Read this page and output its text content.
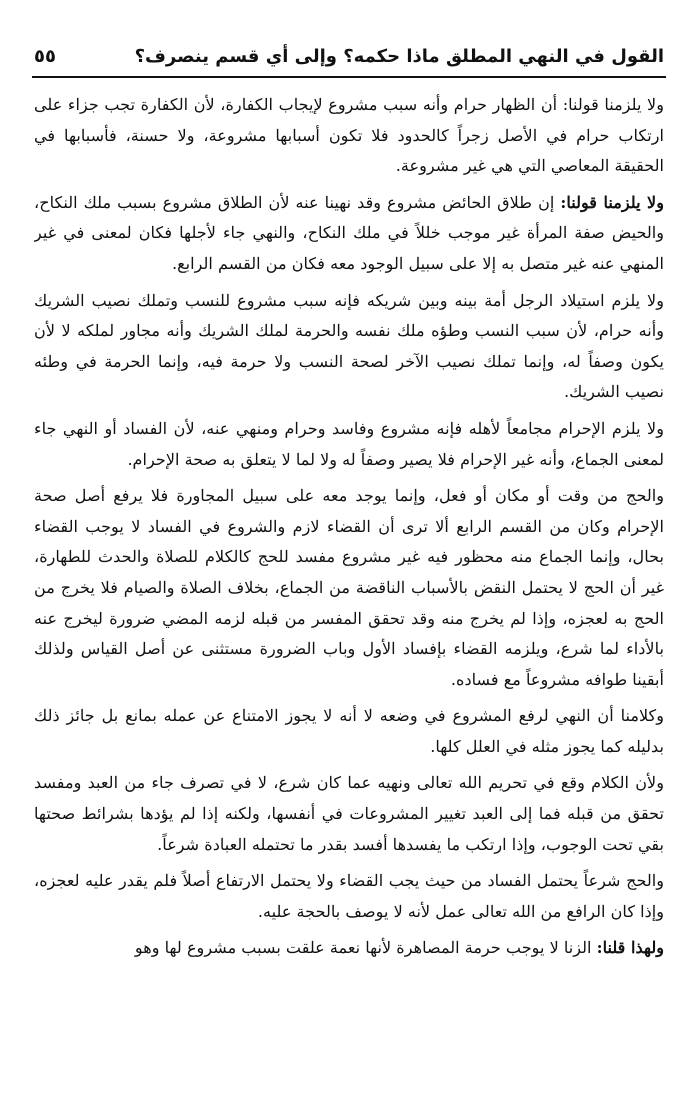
القول في النهي المطلق ماذا حكمه؟ وإلى أي قسم ينصرف؟
٥٥

ولا يلزمنا قولنا: أن الظهار حرام وأنه سبب مشروع لإيجاب الكفارة، لأن الكفارة تجب جزاء على ارتكاب حرام في الأصل زجراً كالحدود فلا تكون أسبابها مشروعة، ولا حسنة، فأسبابها في الحقيقة المعاصي التي هي غير مشروعة.

ولا يلزمنا قولنا: إن طلاق الحائض مشروع وقد نهينا عنه لأن الطلاق مشروع بسبب ملك النكاح، والحيض صفة المرأة غير موجب خللاً في ملك النكاح، والنهي جاء لأجلها فكان لمعنى في غير المنهي عنه غير متصل به إلا على سبيل الوجود معه فكان من القسم الرابع.

ولا يلزم استيلاد الرجل أمة بينه وبين شريكه فإنه سبب مشروع للنسب وتملك نصيب الشريك وأنه حرام، لأن سبب النسب وطؤه ملك نفسه والحرمة لملك الشريك وأنه مجاور لملكه لا لأن يكون وصفاً له، وإنما تملك نصيب الآخر لصحة النسب ولا حرمة فيه، وإنما الحرمة في وطئه نصيب الشريك.

ولا يلزم الإحرام مجامعاً لأهله فإنه مشروع وفاسد وحرام ومنهي عنه، لأن الفساد أو النهي جاء لمعنى الجماع، وأنه غير الإحرام فلا يصير وصفاً له ولا لما لا يتعلق به صحة الإحرام.

والحج من وقت أو مكان أو فعل، وإنما يوجد معه على سبيل المجاورة فلا يرفع أصل صحة الإحرام وكان من القسم الرابع ألا ترى أن القضاء لازم والشروع في الفساد لا يوجب القضاء بحال، وإنما الجماع منه محظور فيه غير مشروع مفسد للحج كالكلام للصلاة والحدث للطهارة، غير أن الحج لا يحتمل النقض بالأسباب الناقضة من الجماع، بخلاف الصلاة والصيام فلا يخرج من الحج به لعجزه، وإذا لم يخرج منه وقد تحقق المفسر من قبله لزمه المضي ضرورة ليخرج عنه بالأداء لما شرع، ويلزمه القضاء بإفساد الأول وباب الضرورة مستثنى عن أصل القياس ولذلك أبقينا طوافه مشروعاً مع فساده.

وكلامنا أن النهي لرفع المشروع في وضعه لا أنه لا يجوز الامتناع عن عمله بمانع بل جائز ذلك بدليله كما يجوز مثله في العلل كلها.

ولأن الكلام وقع في تحريم الله تعالى ونهيه عما كان شرع، لا في تصرف جاء من العبد ومفسد تحقق من قبله فما إلى العبد تغيير المشروعات في أنفسها، ولكنه إذا لم يؤدها بشرائط صحتها بقي تحت الوجوب، وإذا ارتكب ما يفسدها أفسد بقدر ما تحتمله العبادة شرعاً.

والحج شرعاً يحتمل الفساد من حيث يجب القضاء ولا يحتمل الارتفاع أصلاً فلم يقدر عليه لعجزه، وإذا كان الرافع من الله تعالى عمل لأنه لا يوصف بالحجة عليه.

ولهذا قلنا: الزنا لا يوجب حرمة المصاهرة لأنها نعمة علقت بسبب مشروع لها وهو
